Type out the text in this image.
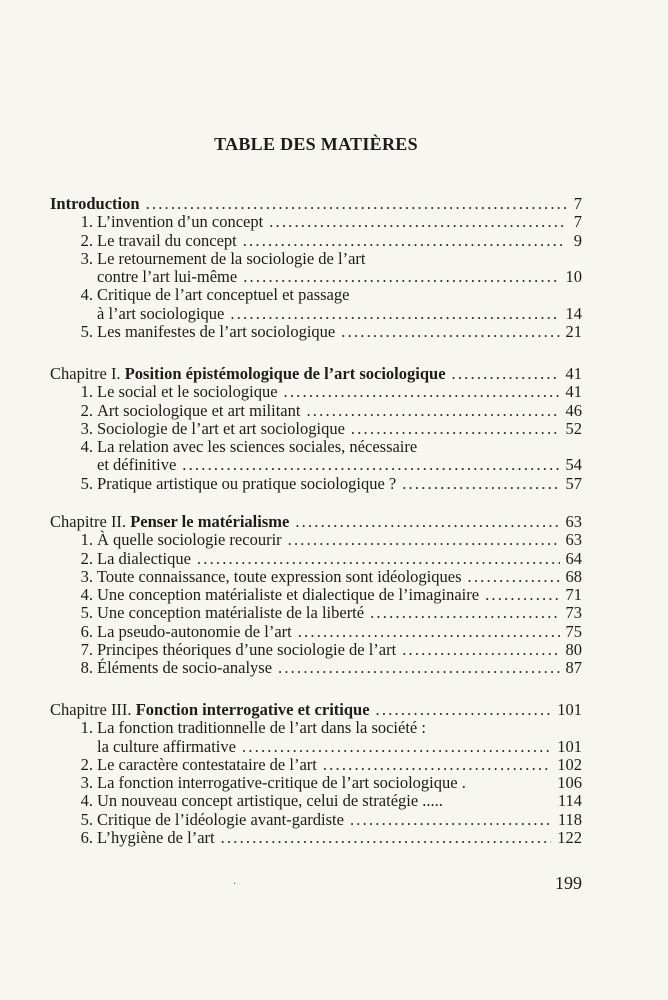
TABLE DES MATIÈRES
Introduction .....	7
1. L’invention d’un concept .....	7
2. Le travail du concept .....	9
3. Le retournement de la sociologie de l’art
contre l’art lui-même .....	10
4. Critique de l’art conceptuel et passage
à l’art sociologique .....	14
5. Les manifestes de l’art sociologique .....	21
Chapitre I. Position épistémologique de l’art sociologique .....	41
1. Le social et le sociologique .....	41
2. Art sociologique et art militant .....	46
3. Sociologie de l’art et art sociologique .....	52
4. La relation avec les sciences sociales, nécessaire
et définitive .....	54
5. Pratique artistique ou pratique sociologique ? .....	57
Chapitre II. Penser le matérialisme .....	63
1. À quelle sociologie recourir .....	63
2. La dialectique .....	64
3. Toute connaissance, toute expression sont idéologiques .....	68
4. Une conception matérialiste et dialectique de l’imaginaire .....	71
5. Une conception matérialiste de la liberté .....	73
6. La pseudo-autonomie de l’art .....	75
7. Principes théoriques d’une sociologie de l’art .....	80
8. Éléments de socio-analyse .....	87
Chapitre III. Fonction interrogative et critique .....	101
1. La fonction traditionnelle de l’art dans la société :
la culture affirmative .....	101
2. Le caractère contestataire de l’art .....	102
3. La fonction interrogative-critique de l’art sociologique .	106
4. Un nouveau concept artistique, celui de stratégie .....	114
5. Critique de l’idéologie avant-gardiste .....	118
6. L’hygiène de l’art .....	122
·	199
